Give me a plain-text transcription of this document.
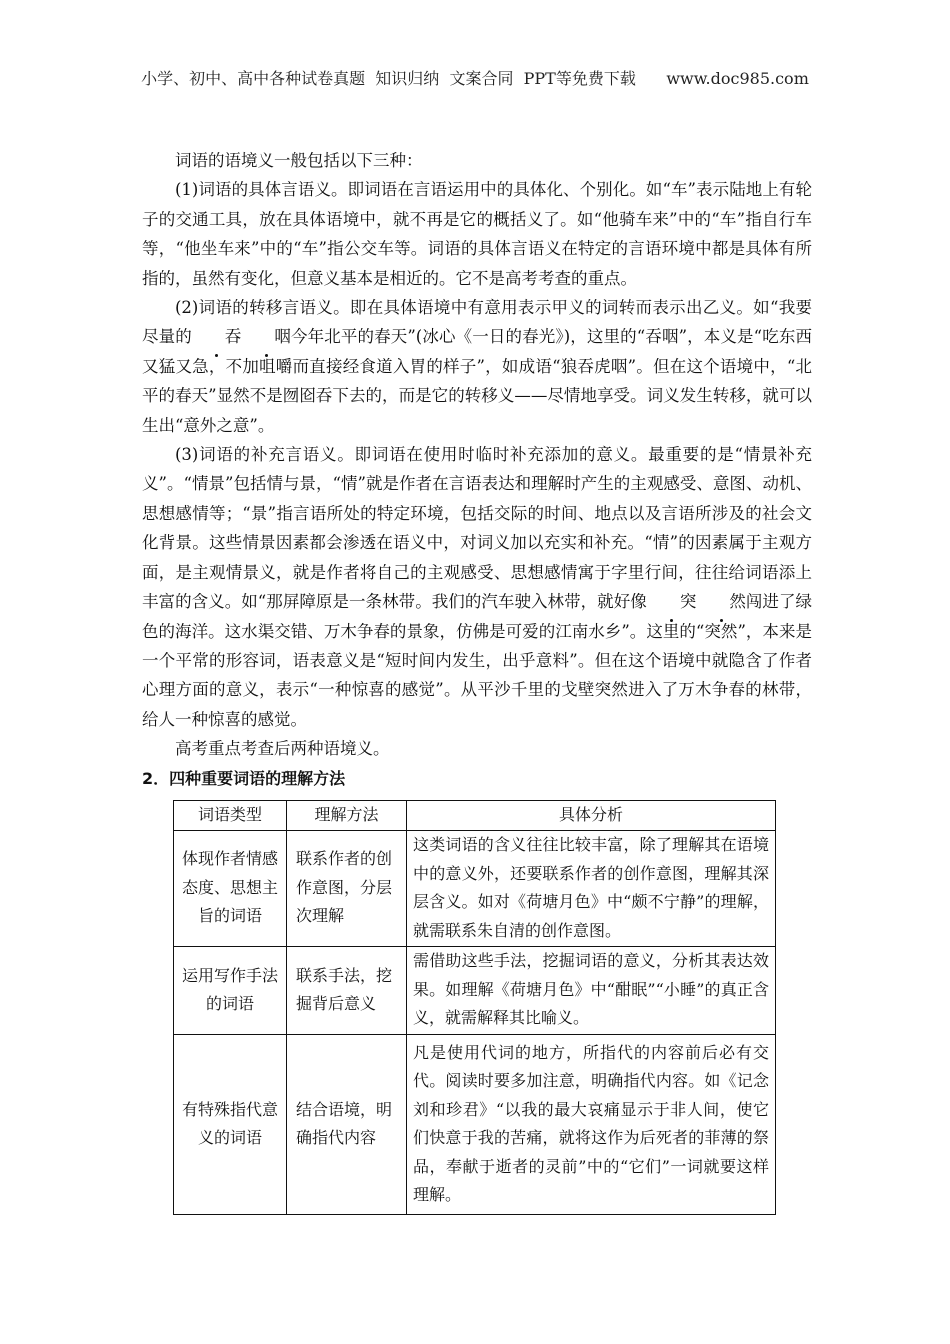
小学、初中、高中各种试卷真题  知识归纳  文案合同  PPT等免费下载      www.doc985.com

词语的语境义一般包括以下三种：

(1)词语的具体言语义。即词语在言语运用中的具体化、个别化。如“车”表示陆地上有轮子的交通工具，放在具体语境中，就不再是它的概括义了。如“他骑车来”中的“车”指自行车等，“他坐车来”中的“车”指公交车等。词语的具体言语义在特定的言语环境中都是具体有所指的，虽然有变化，但意义基本是相近的。它不是高考考查的重点。

(2)词语的转移言语义。即在具体语境中有意用表示甲义的词转而表示出乙义。如“我要尽量的 吞 咽今年北平的春天”(冰心《一日的春光》)，这里的“吞咽”，本义是“吃东西又猛又急，不加咀嚼而直接经食道入胃的样子”，如成语“狼吞虎咽”。但在这个语境中，“北平的春天”显然不是囫囵吞下去的，而是它的转移义——尽情地享受。词义发生转移，就可以生出“意外之意”。

(3)词语的补充言语义。即词语在使用时临时补充添加的意义。最重要的是“情景补充义”。“情景”包括情与景，“情”就是作者在言语表达和理解时产生的主观感受、意图、动机、思想感情等；“景”指言语所处的特定环境，包括交际的时间、地点以及言语所涉及的社会文化背景。这些情景因素都会渗透在语义中，对词义加以充实和补充。“情”的因素属于主观方面，是主观情景义，就是作者将自己的主观感受、思想感情寓于字里行间，往往给词语添上丰富的含义。如“那屏障原是一条林带。我们的汽车驶入林带，就好像 突 然闯进了绿色的海洋。这水渠交错、万木争春的景象，仿佛是可爱的江南水乡”。这里的“突然”，本来是一个平常的形容词，语表意义是“短时间内发生，出乎意料”。但在这个语境中就隐含了作者心理方面的意义，表示“一种惊喜的感觉”。从平沙千里的戈壁突然进入了万木争春的林带，给人一种惊喜的感觉。

高考重点考查后两种语境义。

2．四种重要词语的理解方法
词语类型	理解方法	具体分析
体现作者情感态度、思想主旨的词语	联系作者的创作意图，分层次理解	这类词语的含义往往比较丰富，除了理解其在语境中的意义外，还要联系作者的创作意图，理解其深层含义。如对《荷塘月色》中“颇不宁静”的理解，就需联系朱自清的创作意图。
运用写作手法的词语	联系手法，挖掘背后意义	需借助这些手法，挖掘词语的意义，分析其表达效果。如理解《荷塘月色》中“酣眠”“小睡”的真正含义，就需解释其比喻义。
有特殊指代意义的词语	结合语境，明确指代内容	凡是使用代词的地方，所指代的内容前后必有交代。阅读时要多加注意，明确指代内容。如《记念刘和珍君》“以我的最大哀痛显示于非人间，使它们快意于我的苦痛，就将这作为后死者的菲薄的祭品，奉献于逝者的灵前”中的“它们”一词就要这样理解。
